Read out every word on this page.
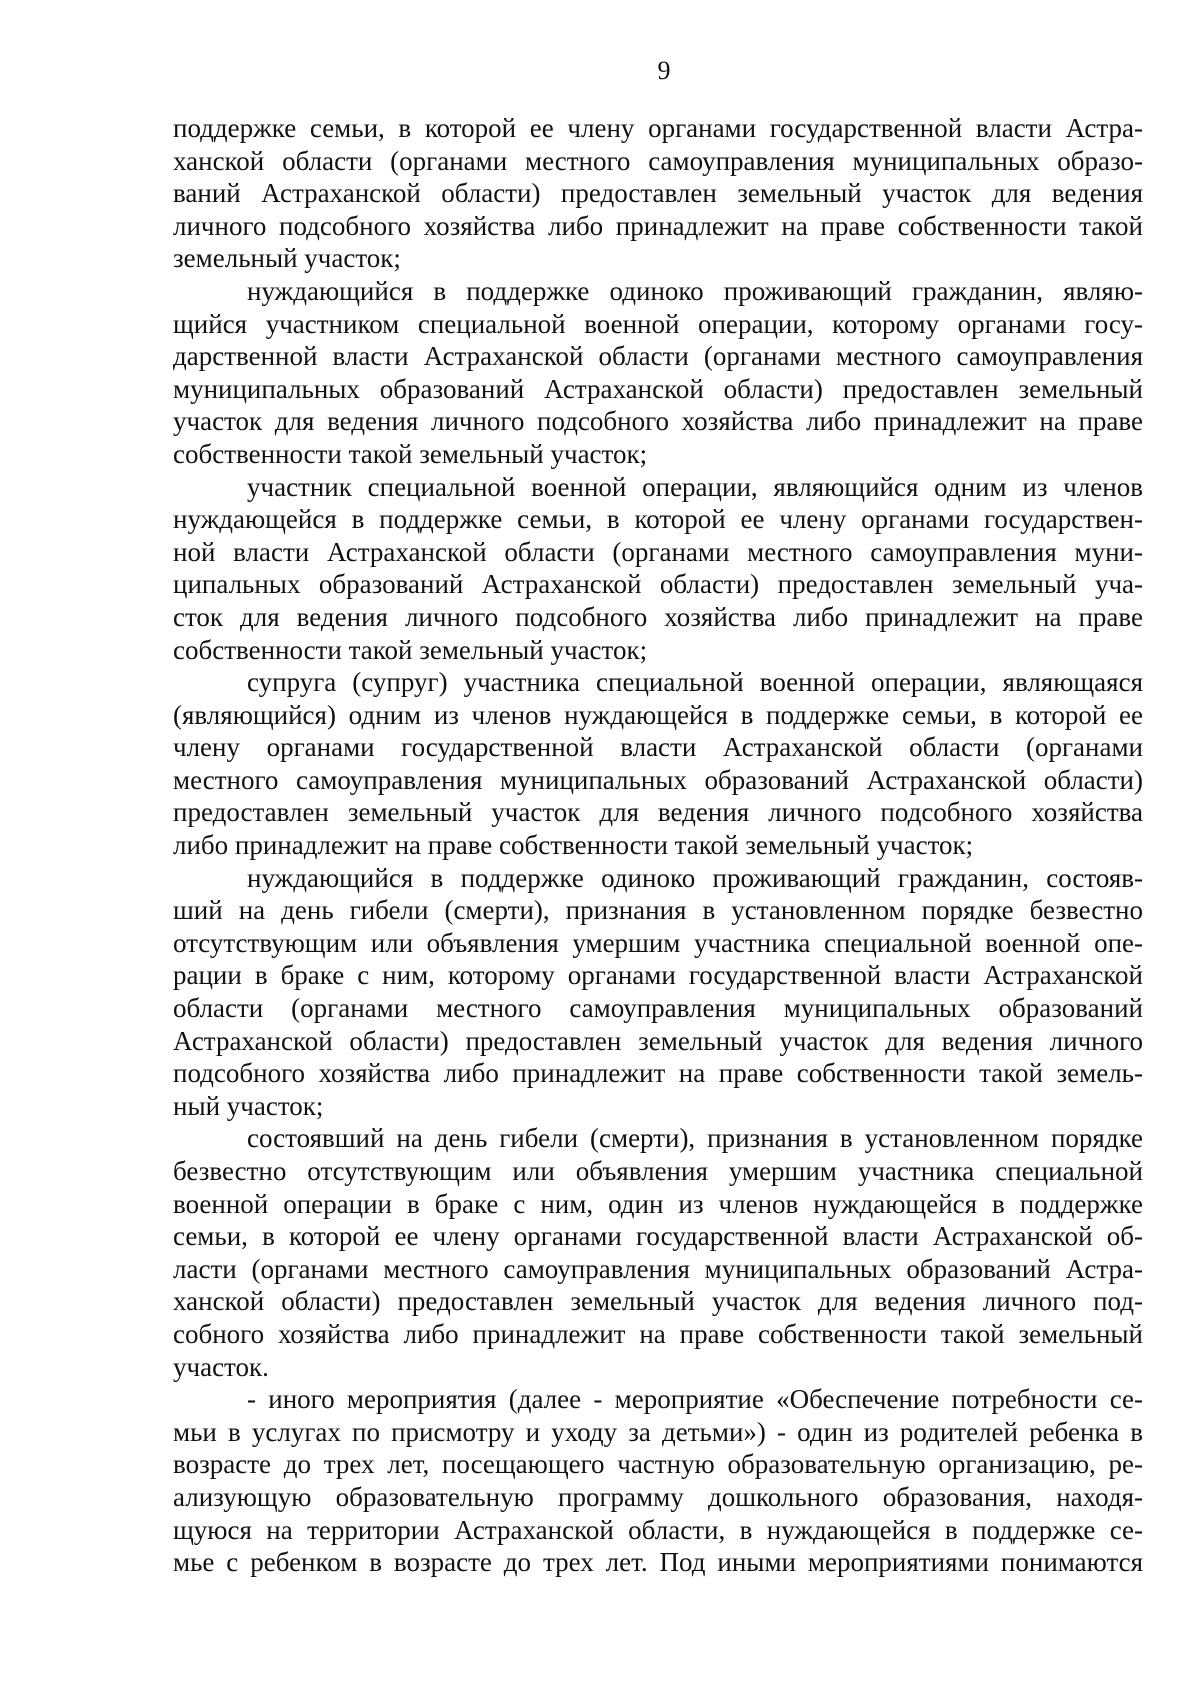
9
поддержке семьи, в которой ее члену органами государственной власти Астра-
ханской области (органами местного самоуправления муниципальных образо-
ваний Астраханской области) предоставлен земельный участок для ведения
личного подсобного хозяйства либо принадлежит на праве собственности такой
земельный участок;
нуждающийся в поддержке одиноко проживающий гражданин, являю-
щийся участником специальной военной операции, которому органами госу-
дарственной власти Астраханской области (органами местного самоуправления
муниципальных образований Астраханской области) предоставлен земельный
участок для ведения личного подсобного хозяйства либо принадлежит на праве
собственности такой земельный участок;
участник специальной военной операции, являющийся одним из членов
нуждающейся в поддержке семьи, в которой ее члену органами государствен-
ной власти Астраханской области (органами местного самоуправления муни-
ципальных образований Астраханской области) предоставлен земельный уча-
сток для ведения личного подсобного хозяйства либо принадлежит на праве
собственности такой земельный участок;
супруга (супруг) участника специальной военной операции, являющаяся
(являющийся) одним из членов нуждающейся в поддержке семьи, в которой ее
члену органами государственной власти Астраханской области (органами
местного самоуправления муниципальных образований Астраханской области)
предоставлен земельный участок для ведения личного подсобного хозяйства
либо принадлежит на праве собственности такой земельный участок;
нуждающийся в поддержке одиноко проживающий гражданин, состояв-
ший на день гибели (смерти), признания в установленном порядке безвестно
отсутствующим или объявления умершим участника специальной военной опе-
рации в браке с ним, которому органами государственной власти Астраханской
области (органами местного самоуправления муниципальных образований
Астраханской области) предоставлен земельный участок для ведения личного
подсобного хозяйства либо принадлежит на праве собственности такой земель-
ный участок;
состоявший на день гибели (смерти), признания в установленном порядке
безвестно отсутствующим или объявления умершим участника специальной
военной операции в браке с ним, один из членов нуждающейся в поддержке
семьи, в которой ее члену органами государственной власти Астраханской об-
ласти (органами местного самоуправления муниципальных образований Астра-
ханской области) предоставлен земельный участок для ведения личного под-
собного хозяйства либо принадлежит на праве собственности такой земельный
участок.
- иного мероприятия (далее - мероприятие «Обеспечение потребности се-
мьи в услугах по присмотру и уходу за детьми») - один из родителей ребенка в
возрасте до трех лет, посещающего частную образовательную организацию, ре-
ализующую образовательную программу дошкольного образования, находя-
щуюся на территории Астраханской области, в нуждающейся в поддержке се-
мье с ребенком в возрасте до трех лет. Под иными мероприятиями понимаются
